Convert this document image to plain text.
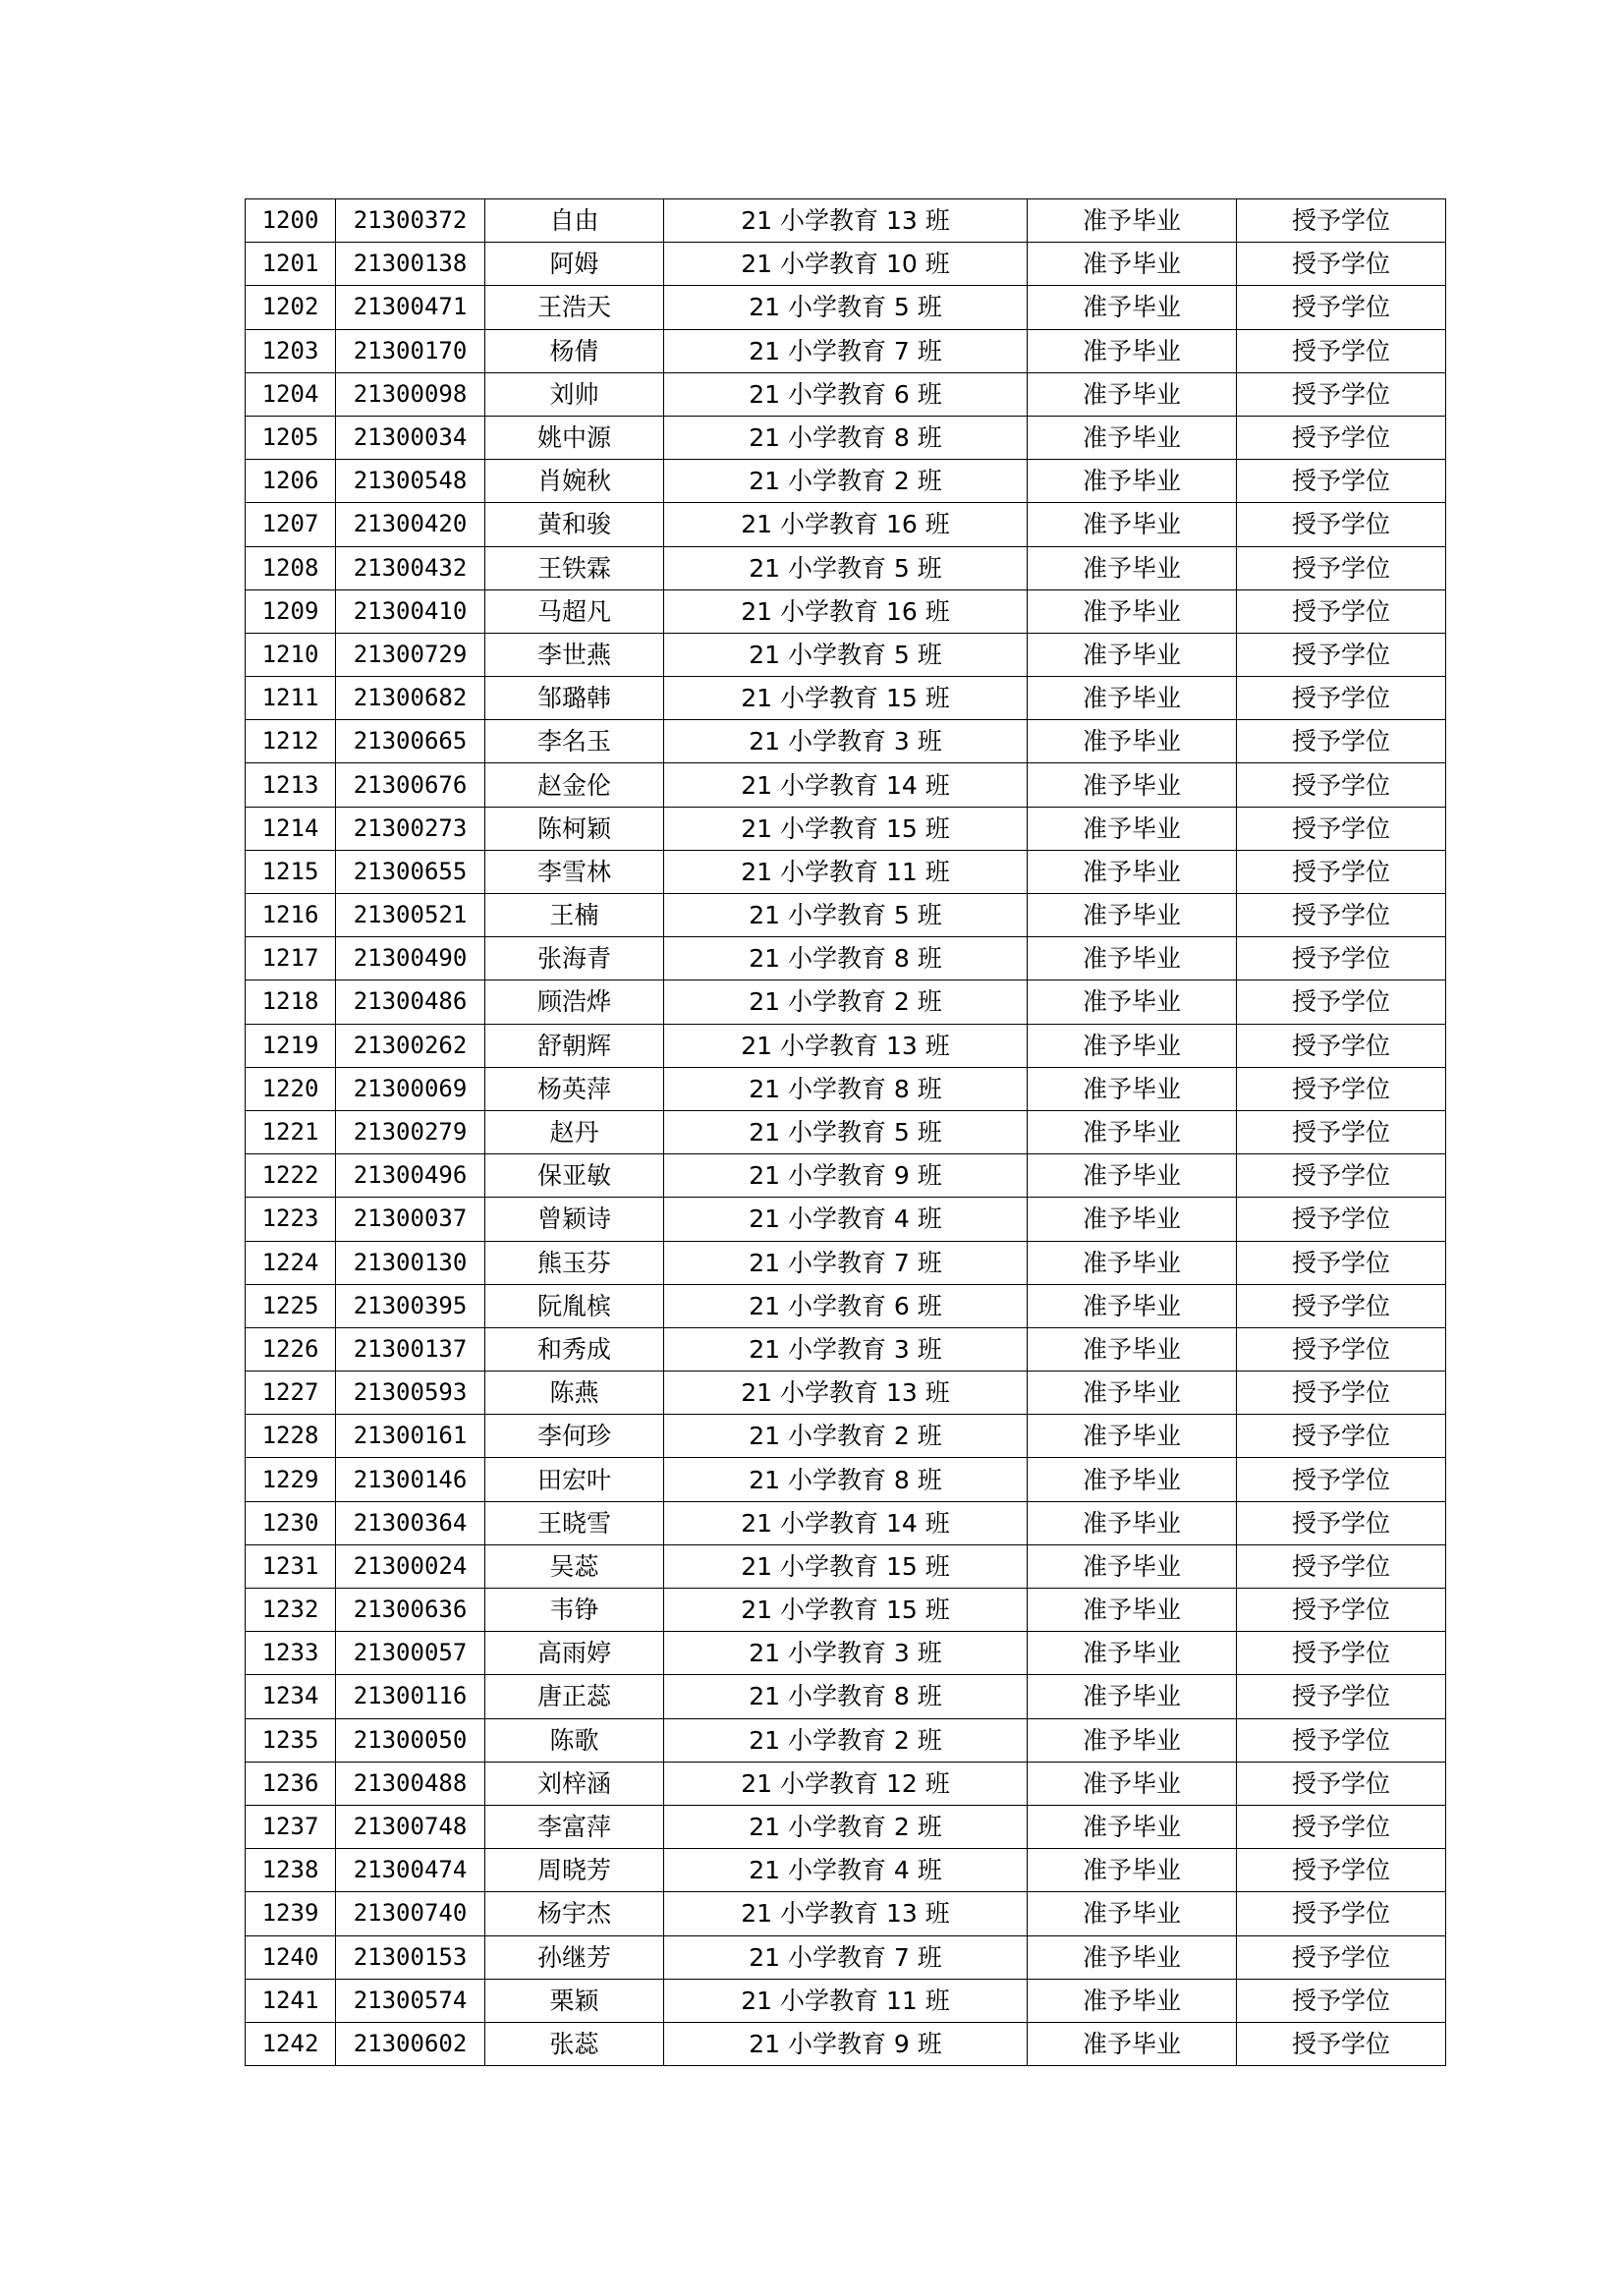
1200	21300372	自由	21 小学教育 13 班	准予毕业	授予学位
1201	21300138	阿姆	21 小学教育 10 班	准予毕业	授予学位
1202	21300471	王浩天	21 小学教育 5 班	准予毕业	授予学位
1203	21300170	杨倩	21 小学教育 7 班	准予毕业	授予学位
1204	21300098	刘帅	21 小学教育 6 班	准予毕业	授予学位
1205	21300034	姚中源	21 小学教育 8 班	准予毕业	授予学位
1206	21300548	肖婉秋	21 小学教育 2 班	准予毕业	授予学位
1207	21300420	黄和骏	21 小学教育 16 班	准予毕业	授予学位
1208	21300432	王铁霖	21 小学教育 5 班	准予毕业	授予学位
1209	21300410	马超凡	21 小学教育 16 班	准予毕业	授予学位
1210	21300729	李世燕	21 小学教育 5 班	准予毕业	授予学位
1211	21300682	邹璐韩	21 小学教育 15 班	准予毕业	授予学位
1212	21300665	李名玉	21 小学教育 3 班	准予毕业	授予学位
1213	21300676	赵金伦	21 小学教育 14 班	准予毕业	授予学位
1214	21300273	陈柯颖	21 小学教育 15 班	准予毕业	授予学位
1215	21300655	李雪林	21 小学教育 11 班	准予毕业	授予学位
1216	21300521	王楠	21 小学教育 5 班	准予毕业	授予学位
1217	21300490	张海青	21 小学教育 8 班	准予毕业	授予学位
1218	21300486	顾浩烨	21 小学教育 2 班	准予毕业	授予学位
1219	21300262	舒朝辉	21 小学教育 13 班	准予毕业	授予学位
1220	21300069	杨英萍	21 小学教育 8 班	准予毕业	授予学位
1221	21300279	赵丹	21 小学教育 5 班	准予毕业	授予学位
1222	21300496	保亚敏	21 小学教育 9 班	准予毕业	授予学位
1223	21300037	曾颖诗	21 小学教育 4 班	准予毕业	授予学位
1224	21300130	熊玉芬	21 小学教育 7 班	准予毕业	授予学位
1225	21300395	阮胤槟	21 小学教育 6 班	准予毕业	授予学位
1226	21300137	和秀成	21 小学教育 3 班	准予毕业	授予学位
1227	21300593	陈燕	21 小学教育 13 班	准予毕业	授予学位
1228	21300161	李何珍	21 小学教育 2 班	准予毕业	授予学位
1229	21300146	田宏叶	21 小学教育 8 班	准予毕业	授予学位
1230	21300364	王晓雪	21 小学教育 14 班	准予毕业	授予学位
1231	21300024	吴蕊	21 小学教育 15 班	准予毕业	授予学位
1232	21300636	韦铮	21 小学教育 15 班	准予毕业	授予学位
1233	21300057	高雨婷	21 小学教育 3 班	准予毕业	授予学位
1234	21300116	唐正蕊	21 小学教育 8 班	准予毕业	授予学位
1235	21300050	陈歌	21 小学教育 2 班	准予毕业	授予学位
1236	21300488	刘梓涵	21 小学教育 12 班	准予毕业	授予学位
1237	21300748	李富萍	21 小学教育 2 班	准予毕业	授予学位
1238	21300474	周晓芳	21 小学教育 4 班	准予毕业	授予学位
1239	21300740	杨宇杰	21 小学教育 13 班	准予毕业	授予学位
1240	21300153	孙继芳	21 小学教育 7 班	准予毕业	授予学位
1241	21300574	栗颖	21 小学教育 11 班	准予毕业	授予学位
1242	21300602	张蕊	21 小学教育 9 班	准予毕业	授予学位
